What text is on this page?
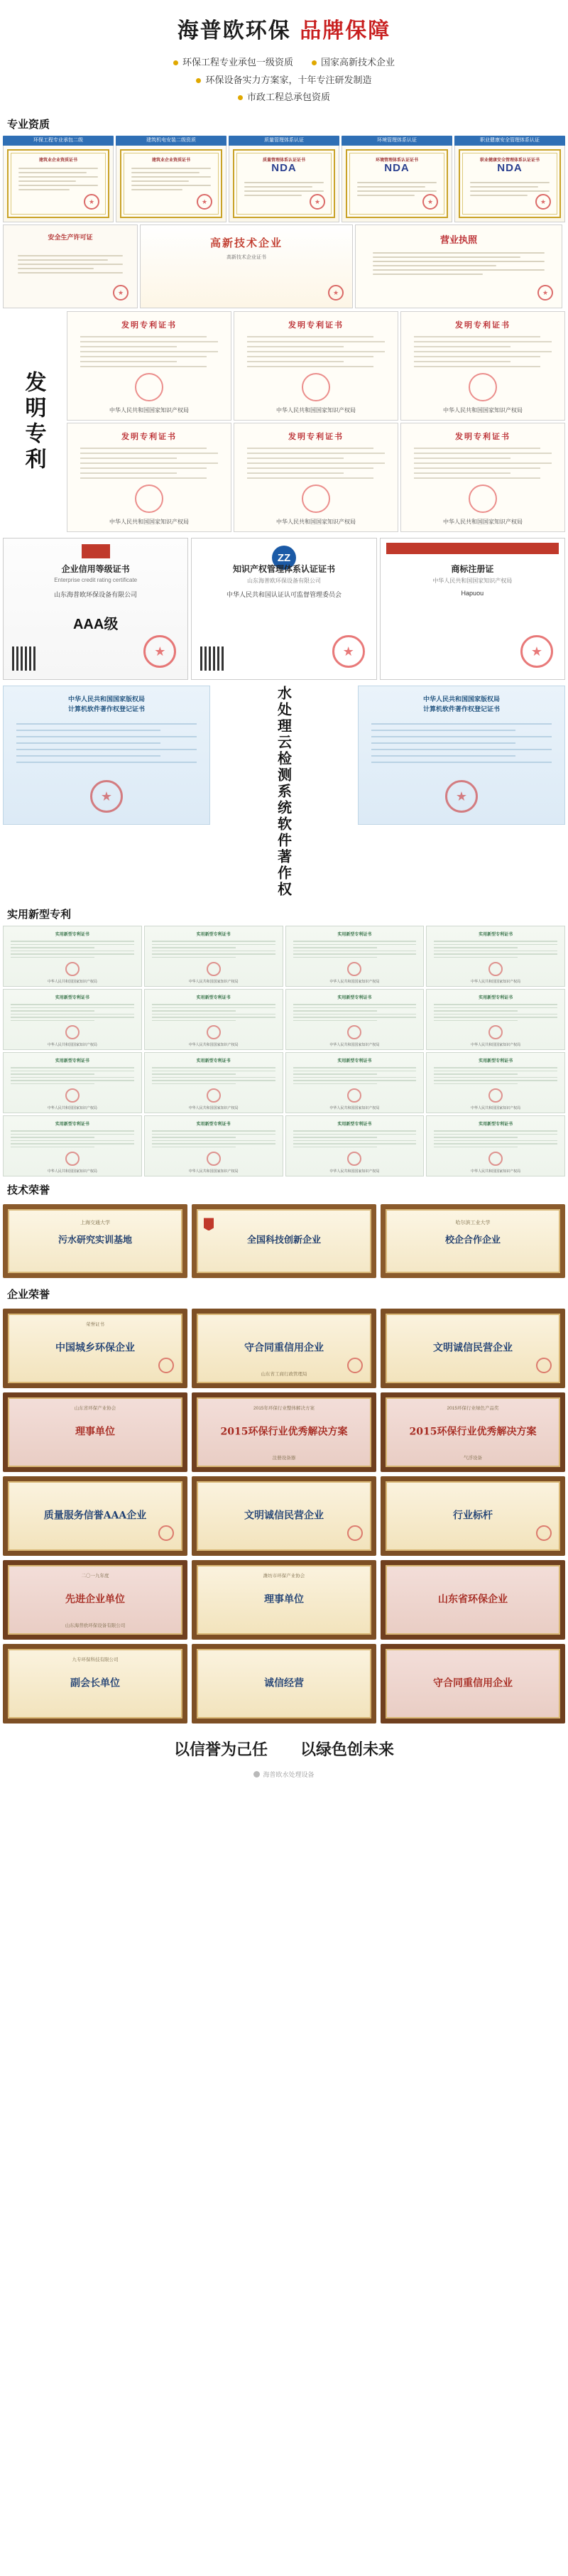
海普欧环保 品牌保障
环保工程专业承包一级资质	国家高新技术企业
环保设备实力方案家，十年专注研发制造
市政工程总承包资质
专业资质
环保工程专业承包二级
建筑业企业资质证书
★
建筑机电安装二级资质
建筑业企业资质证书
★
质量管理体系认证
质量管理体系认证证书
NDA
★
环境管理体系认证
环境管理体系认证证书
NDA
★
职业健康安全管理体系认证
职业健康安全管理体系认证证书
NDA
★
安全生产许可证
★	高新技术企业
高新技术企业证书
★
营业执照
★
发明专利
发明专利证书
中华人民共和国国家知识产权局
发明专利证书
中华人民共和国国家知识产权局
发明专利证书
中华人民共和国国家知识产权局
发明专利证书
中华人民共和国国家知识产权局
发明专利证书
中华人民共和国国家知识产权局
发明专利证书
中华人民共和国国家知识产权局
企业信用等级证书
Enterprise credit rating certificate
山东海普欧环保设备有限公司
AAA级
★
ZZ
知识产权管理体系认证证书
山东海普欧环保设备有限公司
中华人民共和国认证认可监督管理委员会
★
商标注册证
中华人民共和国国家知识产权局
Hapuou
★
中华人民共和国国家版权局
计算机软件著作权登记证书 ★	水处理云检测系统软件著作权	中华人民共和国国家版权局
计算机软件著作权登记证书
★
实用新型专利
实用新型专利证书
中华人民共和国国家知识产权局
实用新型专利证书
中华人民共和国国家知识产权局
实用新型专利证书
中华人民共和国国家知识产权局
实用新型专利证书
中华人民共和国国家知识产权局
实用新型专利证书
中华人民共和国国家知识产权局
实用新型专利证书
中华人民共和国国家知识产权局
实用新型专利证书
中华人民共和国国家知识产权局
实用新型专利证书
中华人民共和国国家知识产权局
实用新型专利证书
中华人民共和国国家知识产权局
实用新型专利证书
中华人民共和国国家知识产权局
实用新型专利证书
中华人民共和国国家知识产权局
实用新型专利证书
中华人民共和国国家知识产权局
实用新型专利证书
中华人民共和国国家知识产权局
实用新型专利证书
中华人民共和国国家知识产权局
实用新型专利证书
中华人民共和国国家知识产权局
实用新型专利证书
中华人民共和国国家知识产权局
技术荣誉
上海交通大学
污水研究实训基地	全国科技创新企业
哈尔滨工业大学
校企合作企业
企业荣誉
荣誉证书
中国城乡环保企业	守合同重信用企业
山东省工商行政管理局
文明诚信民营企业
山东省环保产业协会
理事单位
2015年环保行业整体解决方案
2015环保行业优秀解决方案
注册设备器
2015环保行业绿色产品奖
2015环保行业优秀解决方案
气浮设备
质量服务信誉AAA企业	文明诚信民营企业	行业标杆
二〇一九年度
先进企业单位
山东海普欧环保设备有限公司
潍坊市环保产业协会
理事单位	山东省环保企业
九专环保科技有限公司
副会长单位	诚信经营	守合同重信用企业
以信誉为己任 以绿色创未来
海普欧水处理设备
